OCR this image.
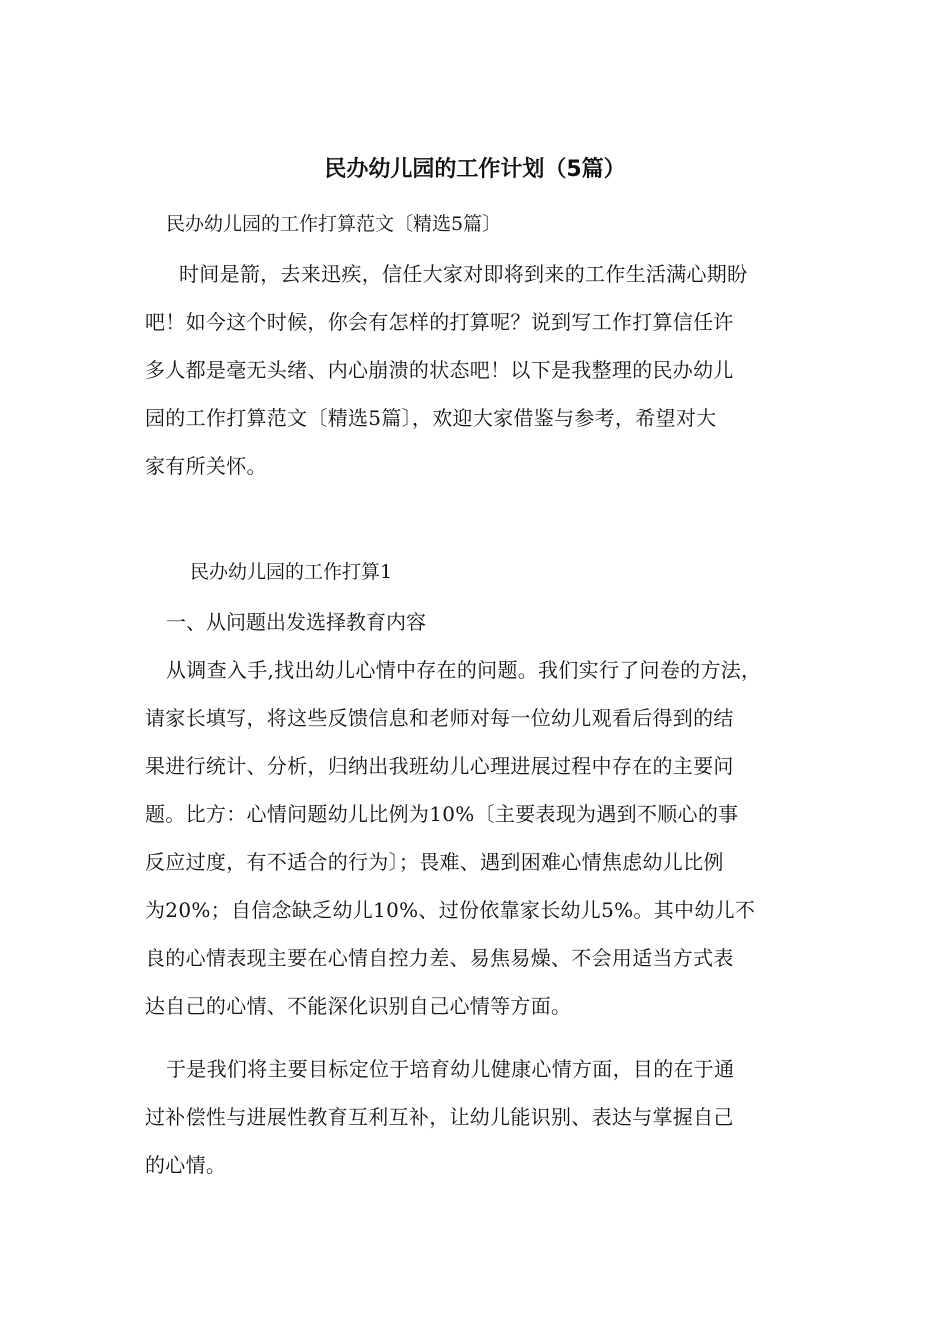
民办幼儿园的工作计划（5篇）

民办幼儿园的工作打算范文〔精选5篇〕

时间是箭，去来迅疾，信任大家对即将到来的工作生活满心期盼
吧！如今这个时候，你会有怎样的打算呢？说到写工作打算信任许
多人都是毫无头绪、内心崩溃的状态吧！以下是我整理的民办幼儿
园的工作打算范文〔精选5篇〕，欢迎大家借鉴与参考，希望对大
家有所关怀。
民办幼儿园的工作打算1
一、从问题出发选择教育内容
从调查入手,找出幼儿心情中存在的问题。我们实行了问卷的方法，
请家长填写，将这些反馈信息和老师对每一位幼儿观看后得到的结
果进行统计、分析，归纳出我班幼儿心理进展过程中存在的主要问
题。比方：心情问题幼儿比例为10%〔主要表现为遇到不顺心的事
反应过度，有不适合的行为〕；畏难、遇到困难心情焦虑幼儿比例
为20%；自信念缺乏幼儿10%、过份依靠家长幼儿5%。其中幼儿不
良的心情表现主要在心情自控力差、易焦易燥、不会用适当方式表
达自己的心情、不能深化识别自己心情等方面。
于是我们将主要目标定位于培育幼儿健康心情方面，目的在于通
过补偿性与进展性教育互利互补，让幼儿能识别、表达与掌握自己
的心情。
